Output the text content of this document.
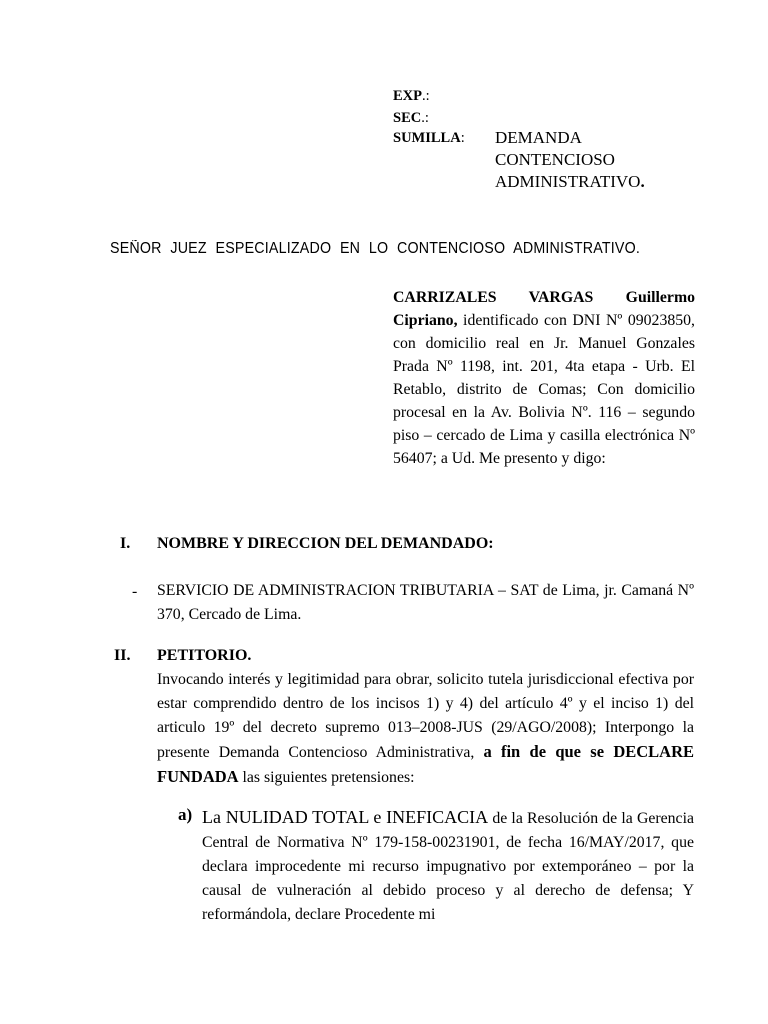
EXP.:
SEC.:
SUMILLA: DEMANDA
CONTENCIOSO
ADMINISTRATIVO.
SEÑOR JUEZ ESPECIALIZADO EN LO CONTENCIOSO ADMINISTRATIVO.
CARRIZALES VARGAS Guillermo
Cipriano, identificado con DNI Nº 09023850, con domicilio real en Jr. Manuel Gonzales Prada Nº 1198, int. 201, 4ta etapa - Urb. El Retablo, distrito de Comas; Con domicilio procesal en la Av. Bolivia Nº. 116 – segundo piso – cercado de Lima y casilla electrónica Nº 56407; a Ud. Me presento y digo:
I. NOMBRE Y DIRECCION DEL DEMANDADO:
- SERVICIO DE ADMINISTRACION TRIBUTARIA – SAT de Lima, jr. Camaná Nº 370, Cercado de Lima.
II. PETITORIO.
Invocando interés y legitimidad para obrar, solicito tutela jurisdiccional efectiva por estar comprendido dentro de los incisos 1) y 4) del artículo 4º y el inciso 1) del articulo 19º del decreto supremo 013–2008-JUS (29/AGO/2008); Interpongo la presente Demanda Contencioso Administrativa, a fin de que se DECLARE FUNDADA las siguientes pretensiones:
a) La NULIDAD TOTAL e INEFICACIA de la Resolución de la Gerencia Central de Normativa Nº 179-158-00231901, de fecha 16/MAY/2017, que declara improcedente mi recurso impugnativo por extemporáneo – por la causal de vulneración al debido proceso y al derecho de defensa; Y reformándola, declare Procedente mi
